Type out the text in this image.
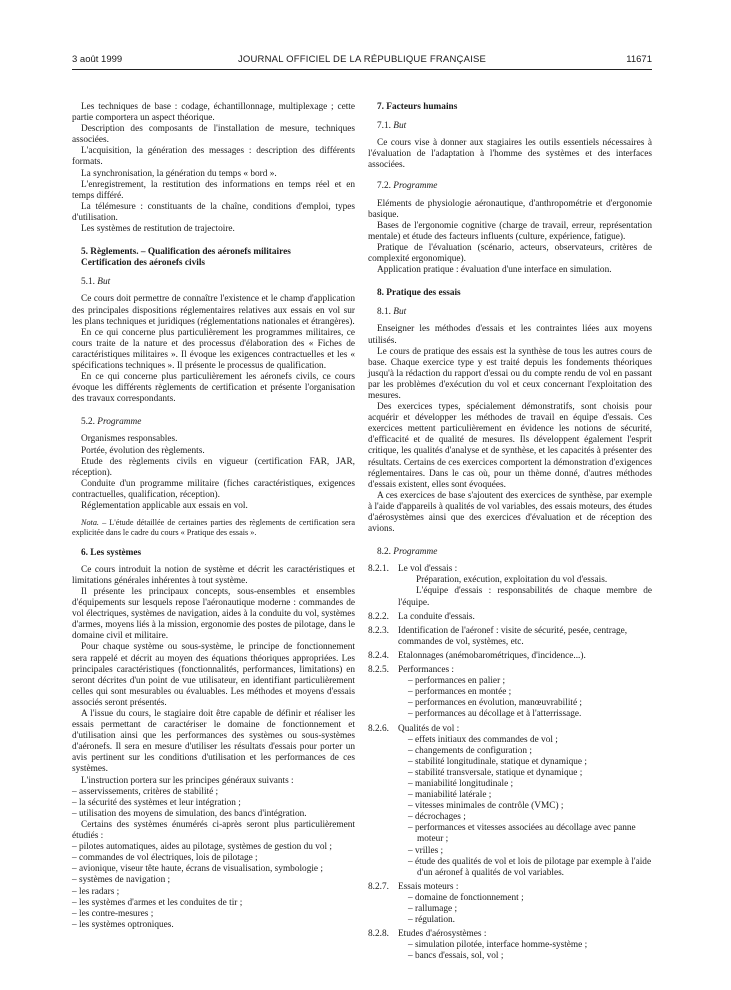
3 août 1999	JOURNAL OFFICIEL DE LA RÉPUBLIQUE FRANÇAISE	11671

Les techniques de base : codage, échantillonnage, multiplexage ; cette partie comportera un aspect théorique.

Description des composants de l'installation de mesure, techniques associées.

L'acquisition, la génération des messages : description des différents formats.

La synchronisation, la génération du temps « bord ».

L'enregistrement, la restitution des informations en temps réel et en temps différé.

La télémesure : constituants de la chaîne, conditions d'emploi, types d'utilisation.

Les systèmes de restitution de trajectoire.

5. Règlements. – Qualification des aéronefs militaires

Certification des aéronefs civils

5.1. But

Ce cours doit permettre de connaître l'existence et le champ d'application des principales dispositions réglementaires relatives aux essais en vol sur les plans techniques et juridiques (réglementations nationales et étrangères).

En ce qui concerne plus particulièrement les programmes militaires, ce cours traite de la nature et des processus d'élaboration des « Fiches de caractéristiques militaires ». Il évoque les exigences contractuelles et les « spécifications techniques ». Il présente le processus de qualification.

En ce qui concerne plus particulièrement les aéronefs civils, ce cours évoque les différents règlements de certification et présente l'organisation des travaux correspondants.

5.2. Programme

Organismes responsables.

Portée, évolution des règlements.

Etude des règlements civils en vigueur (certification FAR, JAR, réception).

Conduite d'un programme militaire (fiches caractéristiques, exigences contractuelles, qualification, réception).

Réglementation applicable aux essais en vol.

Nota. – L'étude détaillée de certaines parties des règlements de certification sera explicitée dans le cadre du cours « Pratique des essais ».

6. Les systèmes

Ce cours introduit la notion de système et décrit les caractéristiques et limitations générales inhérentes à tout système.

Il présente les principaux concepts, sous-ensembles et ensembles d'équipements sur lesquels repose l'aéronautique moderne : commandes de vol électriques, systèmes de navigation, aides à la conduite du vol, systèmes d'armes, moyens liés à la mission, ergonomie des postes de pilotage, dans le domaine civil et militaire.

Pour chaque système ou sous-système, le principe de fonctionnement sera rappelé et décrit au moyen des équations théoriques appropriées. Les principales caractéristiques (fonctionnalités, performances, limitations) en seront décrites d'un point de vue utilisateur, en identifiant particulièrement celles qui sont mesurables ou évaluables. Les méthodes et moyens d'essais associés seront présentés.

A l'issue du cours, le stagiaire doit être capable de définir et réaliser les essais permettant de caractériser le domaine de fonctionnement et d'utilisation ainsi que les performances des systèmes ou sous-systèmes d'aéronefs. Il sera en mesure d'utiliser les résultats d'essais pour porter un avis pertinent sur les conditions d'utilisation et les performances de ces systèmes.

L'instruction portera sur les principes généraux suivants :

– asservissements, critères de stabilité ;
– la sécurité des systèmes et leur intégration ;
– utilisation des moyens de simulation, des bancs d'intégration.

Certains des systèmes énumérés ci-après seront plus particulièrement étudiés :

– pilotes automatiques, aides au pilotage, systèmes de gestion du vol ;
– commandes de vol électriques, lois de pilotage ;
– avionique, viseur tête haute, écrans de visualisation, symbologie ;
– systèmes de navigation ;
– les radars ;
– les systèmes d'armes et les conduites de tir ;
– les contre-mesures ;
– les systèmes optroniques.

7. Facteurs humains

7.1. But

Ce cours vise à donner aux stagiaires les outils essentiels nécessaires à l'évaluation de l'adaptation à l'homme des systèmes et des interfaces associées.

7.2. Programme

Eléments de physiologie aéronautique, d'anthropométrie et d'ergonomie basique.

Bases de l'ergonomie cognitive (charge de travail, erreur, représentation mentale) et étude des facteurs influents (culture, expérience, fatigue).

Pratique de l'évaluation (scénario, acteurs, observateurs, critères de complexité ergonomique).

Application pratique : évaluation d'une interface en simulation.

8. Pratique des essais

8.1. But

Enseigner les méthodes d'essais et les contraintes liées aux moyens utilisés.

Le cours de pratique des essais est la synthèse de tous les autres cours de base. Chaque exercice type y est traité depuis les fondements théoriques jusqu'à la rédaction du rapport d'essai ou du compte rendu de vol en passant par les problèmes d'exécution du vol et ceux concernant l'exploitation des mesures.

Des exercices types, spécialement démonstratifs, sont choisis pour acquérir et développer les méthodes de travail en équipe d'essais. Ces exercices mettent particulièrement en évidence les notions de sécurité, d'efficacité et de qualité de mesures. Ils développent également l'esprit critique, les qualités d'analyse et de synthèse, et les capacités à présenter des résultats. Certains de ces exercices comportent la démonstration d'exigences réglementaires. Dans le cas où, pour un thème donné, d'autres méthodes d'essais existent, elles sont évoquées.

A ces exercices de base s'ajoutent des exercices de synthèse, par exemple à l'aide d'appareils à qualités de vol variables, des essais moteurs, des études d'aérosystèmes ainsi que des exercices d'évaluation et de réception des avions.

8.2. Programme

8.2.1. Le vol d'essais :
Préparation, exécution, exploitation du vol d'essais.
L'équipe d'essais : responsabilités de chaque membre de l'équipe.
8.2.2. La conduite d'essais.
8.2.3. Identification de l'aéronef : visite de sécurité, pesée, centrage, commandes de vol, systèmes, etc.
8.2.4. Etalonnages (anémobarométriques, d'incidence...).
8.2.5. Performances :
– performances en palier ;
– performances en montée ;
– performances en évolution, manœuvrabilité ;
– performances au décollage et à l'atterrissage.
8.2.6. Qualités de vol :
– effets initiaux des commandes de vol ;
– changements de configuration ;
– stabilité longitudinale, statique et dynamique ;
– stabilité transversale, statique et dynamique ;
– maniabilité longitudinale ;
– maniabilité latérale ;
– vitesses minimales de contrôle (VMC) ;
– décrochages ;
– performances et vitesses associées au décollage avec panne moteur ;
– vrilles ;
– étude des qualités de vol et lois de pilotage par exemple à l'aide d'un aéronef à qualités de vol variables.
8.2.7. Essais moteurs :
– domaine de fonctionnement ;
– rallumage ;
– régulation.
8.2.8. Etudes d'aérosystèmes :
– simulation pilotée, interface homme-système ;
– bancs d'essais, sol, vol ;
